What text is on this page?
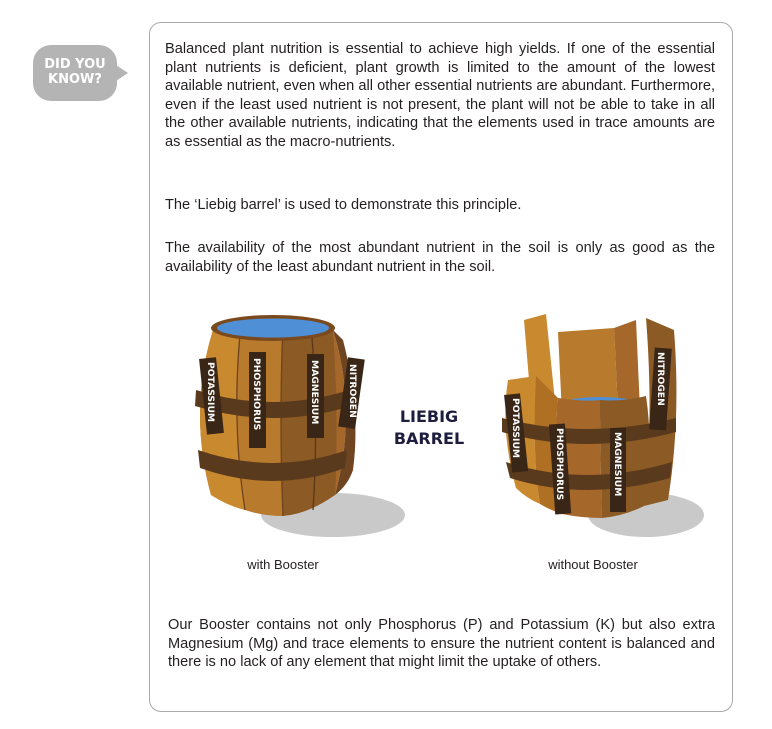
DID YOU
KNOW?

Balanced plant nutrition is essential to achieve high yields. If one of the essential plant nutrients is deficient, plant growth is limited to the amount of the lowest available nutrient, even when all other essential nutrients are abundant. Furthermore, even if the least used nutrient is not present, the plant will not be able to take in all the other available nutrients, indicating that the elements used in trace amounts are as essential as the macro-nutrients.

The ‘Liebig barrel’ is used to demonstrate this principle.

The availability of the most abundant nutrient in the soil is only as good as the availability of the least abundant nutrient in the soil.

POTASSIUM	PHOSPHORUS	MAGNESIUM	NITROGEN	LIEBIG
BARREL	POTASSIUM	PHOSPHORUS	MAGNESIUM
NITROGEN
with Booster	without Booster

Our Booster contains not only Phosphorus (P) and Potassium (K) but also extra Magnesium (Mg) and trace elements to ensure the nutrient content is balanced and there is no lack of any element that might limit the uptake of others.
